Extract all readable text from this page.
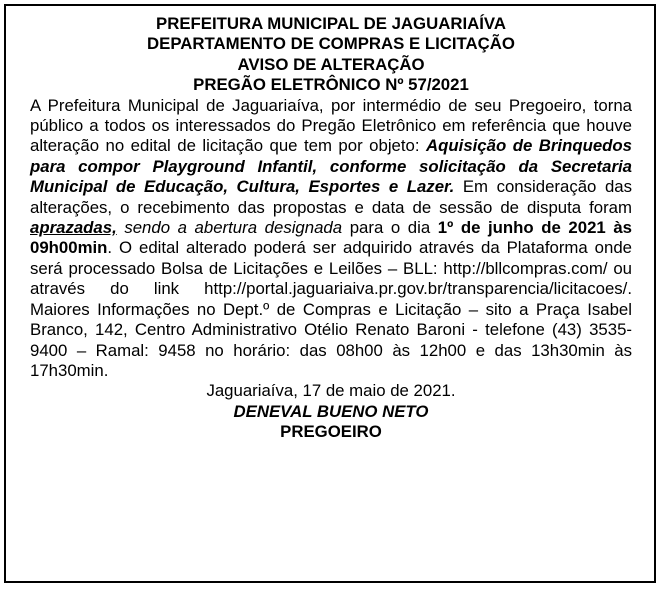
PREFEITURA MUNICIPAL DE JAGUARIAÍVA

DEPARTAMENTO DE COMPRAS E LICITAÇÃO

AVISO DE ALTERAÇÃO

PREGÃO ELETRÔNICO Nº 57/2021

A Prefeitura Municipal de Jaguariaíva, por intermédio de seu Pregoeiro, torna público a todos os interessados do Pregão Eletrônico em referência que houve alteração no edital de licitação que tem por objeto: Aquisição de Brinquedos para compor Playground Infantil, conforme solicitação da Secretaria Municipal de Educação, Cultura, Esportes e Lazer. Em consideração das alterações, o recebimento das propostas e data de sessão de disputa foram aprazadas, sendo a abertura designada para o dia 1º de junho de 2021 às 09h00min. O edital alterado poderá ser adquirido através da Plataforma onde será processado Bolsa de Licitações e Leilões – BLL: http://bllcompras.com/ ou através do link http://portal.jaguariaiva.pr.gov.br/transparencia/licitacoes/. Maiores Informações no Dept.º de Compras e Licitação – sito a Praça Isabel Branco, 142, Centro Administrativo Otélio Renato Baroni - telefone (43) 3535-9400 – Ramal: 9458 no horário: das 08h00 às 12h00 e das 13h30min às 17h30min.

Jaguariaíva, 17 de maio de 2021.

DENEVAL BUENO NETO

PREGOEIRO
